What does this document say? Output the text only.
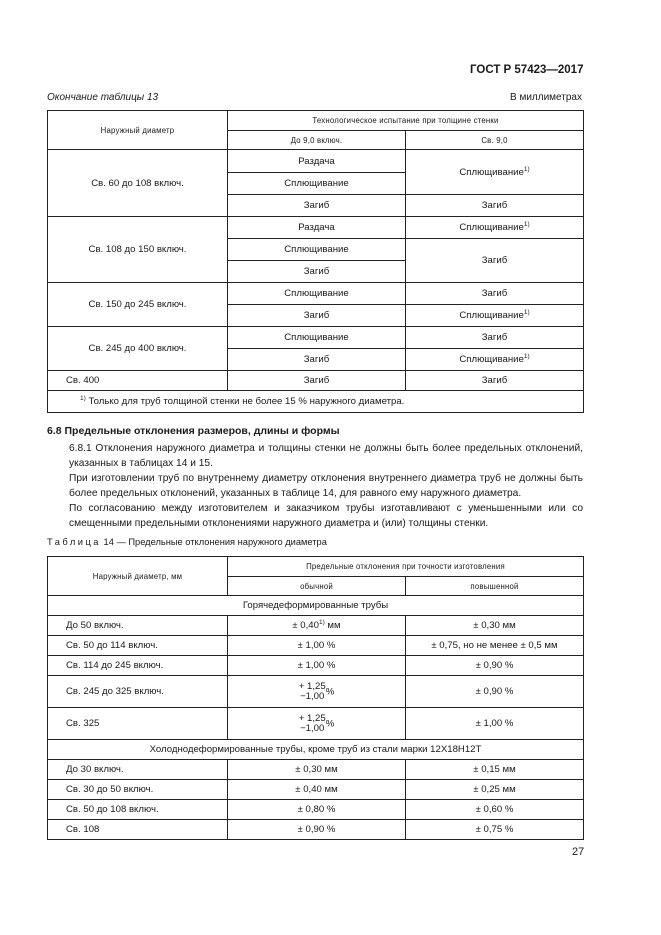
ГОСТ Р 57423—2017
Окончание таблицы 13	В миллиметрах
Наружный диаметр	Технологическое испытание при толщине стенки	
	До 9,0 включ.	Св. 9,0
Св. 60 до 108 включ.	Раздача	Сплющивание$^{1)}$
	Сплющивание	
	Загиб	Загиб
Св. 108 до 150 включ.	Раздача	Сплющивание$^{1)}$
	Сплющивание	Загиб
	Загиб	
Св. 150 до 245 включ.	Сплющивание	Загиб
	Загиб	Сплющивание$^{1)}$
Св. 245 до 400 включ.	Сплющивание	Загиб
	Загиб	Сплющивание$^{1)}$
Св. 400	Загиб	Загиб
$^{1)}$ Только для труб толщиной стенки не более 15 % наружного диаметра.		
6.8 Предельные отклонения размеров, длины и формы
6.8.1 Отклонения наружного диаметра и толщины стенки не должны быть более предельных отклонений, указанных в таблицах 14 и 15.
При изготовлении труб по внутреннему диаметру отклонения внутреннего диаметра труб не должны быть более предельных отклонений, указанных в таблице 14, для равного ему наружного диаметра.
По согласованию между изготовителем и заказчиком трубы изготавливают с уменьшенными или со смещенными предельными отклонениями наружного диаметра и (или) толщины стенки.
Таблица 14 — Предельные отклонения наружного диаметра
Наружный диаметр, мм	Предельные отклонения при точности изготовления	
	обычной	повышенной
Горячедеформированные трубы		
До 50 включ.	± $0,40^{1)}$ мм	± 0,30 мм
Св. 50 до 114 включ.	± 1,00 %	± 0,75, но не менее ± 0,5 мм
Св. 114 до 245 включ.	± 1,00 %	± 0,90 %
Св. 245 до 325 включ.	+ 1,25
−1,00 %	± 0,90 %
Св. 325	+ 1,25
−1,00 %	± 1,00 %
Холоднодеформированные трубы, кроме труб из стали марки 12Х18Н12Т		
До 30 включ.	± 0,30 мм	± 0,15 мм
Св. 30 до 50 включ.	± 0,40 мм	± 0,25 мм
Св. 50 до 108 включ.	± 0,80 %	± 0,60 %
Св. 108	± 0,90 %	± 0,75 %
27
